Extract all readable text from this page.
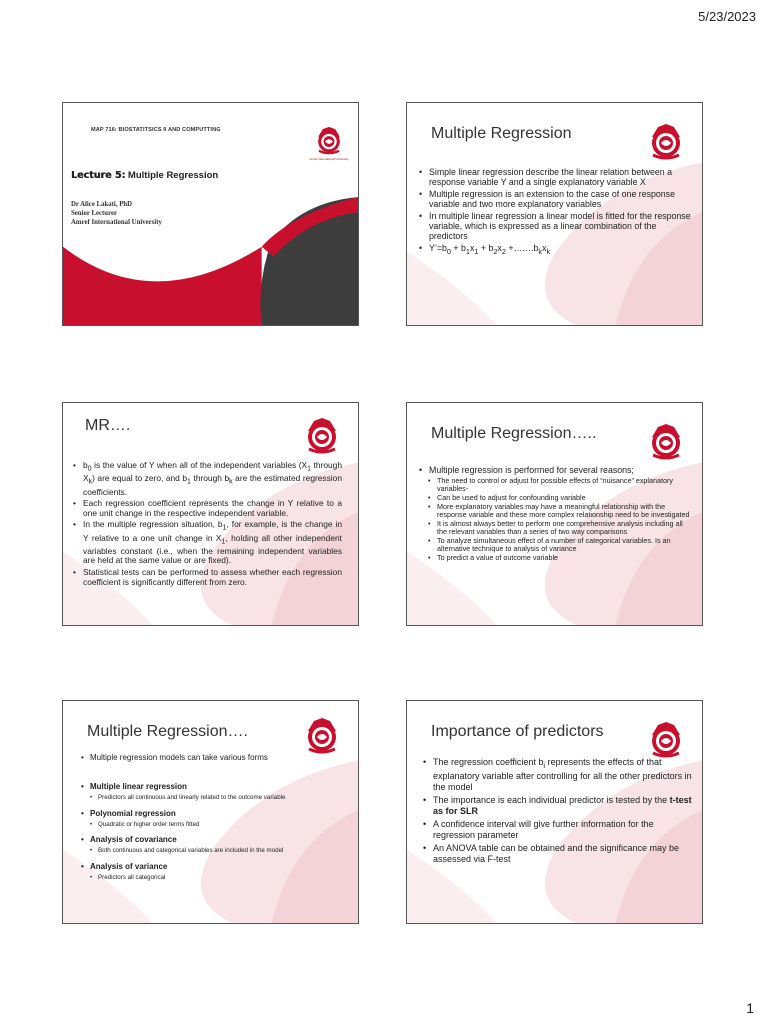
5/23/2023
1
MAP 716: BIOSTATITSICS II AND COMPUTTING
Amref International University
Lecture 5: Multiple Regression
Dr Alice Lakati, PhD
Senior Lecturer
Amref International University
Multiple Regression
• Simple linear regression describe the linear relation between a response variable Y and a single explanatory variable X
• Multiple regression is an extension to the case of one response variable and two more explanatory variables
• In multiple linear regression a linear model is fitted for the response variable, which is expressed as a linear combination of the predictors
• $Y’=b_0 + b_1x_1 + b_2x_2$ $+\dots\dots.b_kx_k$
MR….
• $b_0$ is the value of Y when all of the independent variables ($X_1$ through $X_k$) are equal to zero, and $b_1$ through $b_k$ are the estimated regression coefficients.
• Each regression coefficient represents the change in Y relative to a one unit change in the respective independent variable.
• In the multiple regression situation, $b_1$, for example, is the change in Y relative to a one unit change in $X_1$, holding all other independent variables constant (i.e., when the remaining independent variables are held at the same value or are fixed).
• Statistical tests can be performed to assess whether each regression coefficient is significantly different from zero.
Multiple Regression…..
• Multiple regression is performed for several reasons;
• The need to control or adjust for possible effects of “nuisance” explanatory variables-
• Can be used to adjust for confounding variable
• More explanatory variables may have a meaningful relationship with the response variable and these more complex relationship need to be investigated
• It is almost always better to perform one comprehensive analysis including all the relevant variables than a series of two way comparisons
• To analyze simultaneous effect of a number of categorical variables. Is an alternative technique to analysis of variance
• To predict a value of outcome variable
Multiple Regression….
• Multiple regression models can take various forms
• Multiple linear regression
• Predictors all continuous and linearly related to the outcome variable
• Polynomial regression
• Quadratic or higher order terms fitted
• Analysis of covariance
• Both continuous and categorical variables are included in the model
• Analysis of variance
• Predictors all categorical
Importance of predictors
• The regression coefficient $b_i$ represents the effects of that explanatory variable after controlling for all the other predictors in the model
• The importance is each individual predictor is tested by the t-test as for SLR
• A confidence interval will give further information for the regression parameter
• An ANOVA table can be obtained and the significance may be assessed via F-test
